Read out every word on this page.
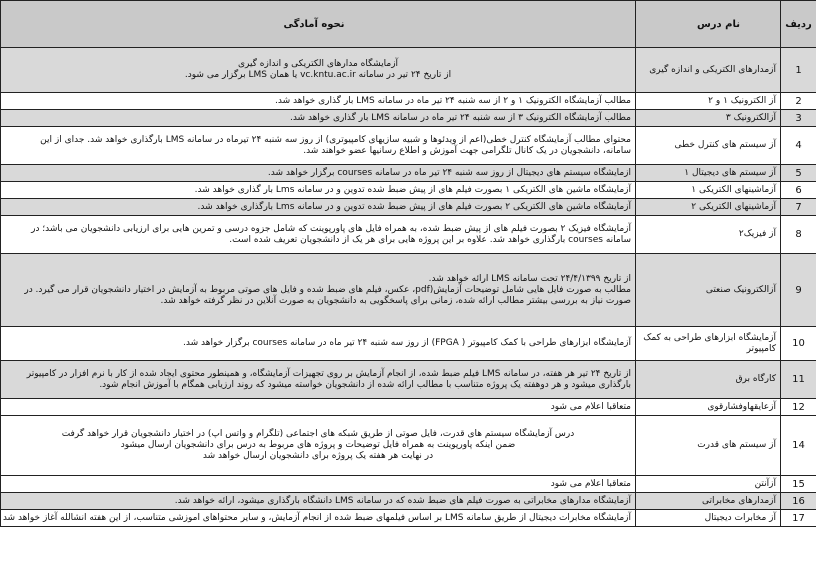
ردیف	نام درس	نحوه آمادگی
1	آزمدارهای الکتریکی و اندازه گیری	آزمایشگاه مدارهای الکتریکی و اندازه گیری
از تاریخ ۲۴ تیر در سامانه vc.kntu.ac.ir یا همان LMS برگزار می شود.

2	آز الکترونیک ۱ و ۲	مطالب آزمایشگاه الکترونیک ۱ و ۲ از سه شنبه ۲۴ تیر ماه در سامانه LMS بار گذاری خواهد شد.

3	آزالکترونیک ۳	مطالب آزمایشگاه الکترونیک ۳ از سه شنبه ۲۴ تیر ماه در سامانه LMS بار گذاری خواهد شد.

4	آز سیستم های کنترل خطی	محتوای مطالب آزمایشگاه کنترل خطی(اعم از ویدئوها و شبیه سازیهای کامپیوتری) از روز سه شنبه ۲۴ تیرماه در سامانه LMS بارگذاری خواهد شد. جدای از این
سامانه، دانشجویان در یک کانال تلگرامی جهت آموزش و اطلاع رسانیها عضو خواهند شد.

5	آز سیستم های دیجیتال ۱	ازمایشگاه سیستم های دیجیتال از روز سه شنبه ۲۴ تیر ماه در سامانه courses برگزار خواهد شد.

6	آزماشینهای الکتریکی ۱	آزمایشگاه ماشین های الکتریکی ۱ بصورت فیلم های از پیش ضبط شده تدوین و در سامانه Lms بار گذاری خواهد شد.

7	آزماشینهای الکتریکی ۲	آزمایشگاه ماشین های الکتریکی ۲ بصورت فیلم های از پیش ضبط شده تدوین و در سامانه Lms بارگذاری خواهد شد.

8	آز فیزیک۲	آزمایشگاه فیزیک ۲ بصورت فیلم های از پیش ضبط شده، به همراه فایل های پاورپوینت که شامل جزوه درسی و تمرین هایی برای ارزیابی دانشجویان می باشد؛ در
سامانه courses بارگذاری خواهد شد. علاوه بر این پروژه هایی برای هر یک از دانشجویان تعریف شده است.

9	آزالکترونیک صنعتی	از تاریخ ۲۴/۴/۱۳۹۹ تحت سامانه LMS ارائه خواهد شد.
مطالب به صورت فایل هایی شامل توضیحات آزمایش(pdf، عکس، فیلم های ضبط شده و فایل های صوتی مربوط به آزمایش در اختیار دانشجویان قرار می گیرد. در
صورت نیاز به بررسی بیشتر مطالب ارائه شده، زمانی برای پاسخگویی به دانشجویان به صورت آنلاین در نظر گرفته خواهد شد.

10	آزمایشگاه ابزارهای طراحی به کمک کامپیوتر	آزمایشگاه ابزارهای طراحی با کمک کامپیوتر ( FPGA) از روز سه شنبه ۲۴ تیر ماه در سامانه courses برگزار خواهد شد.

11	کارگاه برق	از تاریخ ۲۴ تیر هر هفته، در سامانه LMS فیلم ضبط شده، از انجام آزمایش بر روی تجهیزات آزمایشگاه، و همینطور محتوی ایجاد شده از کار با نرم افزار در کامپیوتر
بارگذاری میشود و هر دوهفته یک پروژه متناسب با مطالب ارائه شده از دانشجویان خواسته میشود که روند ارزیابی همگام با آموزش انجام شود.

12	آزعایقهاوفشارقوی	متعاقبا اعلام می شود

14	آز سیستم های قدرت	درس آزمایشگاه سیستم های قدرت، فایل صوتی از طریق شبکه های اجتماعی (تلگرام و واتس اپ) در اختیار دانشجویان قرار خواهد گرفت
ضمن اینکه پاورپوینت به همراه فایل توضیحات و پروژه های مربوط به درس برای دانشجویان ارسال میشود
در نهایت هر هفته یک پروژه برای دانشجویان ارسال خواهد شد

15	آزآنتن	متعاقبا اعلام می شود

16	آزمدارهای مخابراتی	آزمایشگاه مدارهای مخابراتی به صورت فیلم های ضبط شده که در سامانه LMS دانشگاه بارگذاری میشود، ارائه خواهد شد.

17	آز مخابرات دیجیتال	آزمایشگاه مخابرات دیجیتال از طریق سامانه LMS بر اساس فیلمهای ضبط شده از انجام آزمایش، و سایر محتواهای اموزشی متناسب، از این هفته انشالله آغاز خواهد شد
